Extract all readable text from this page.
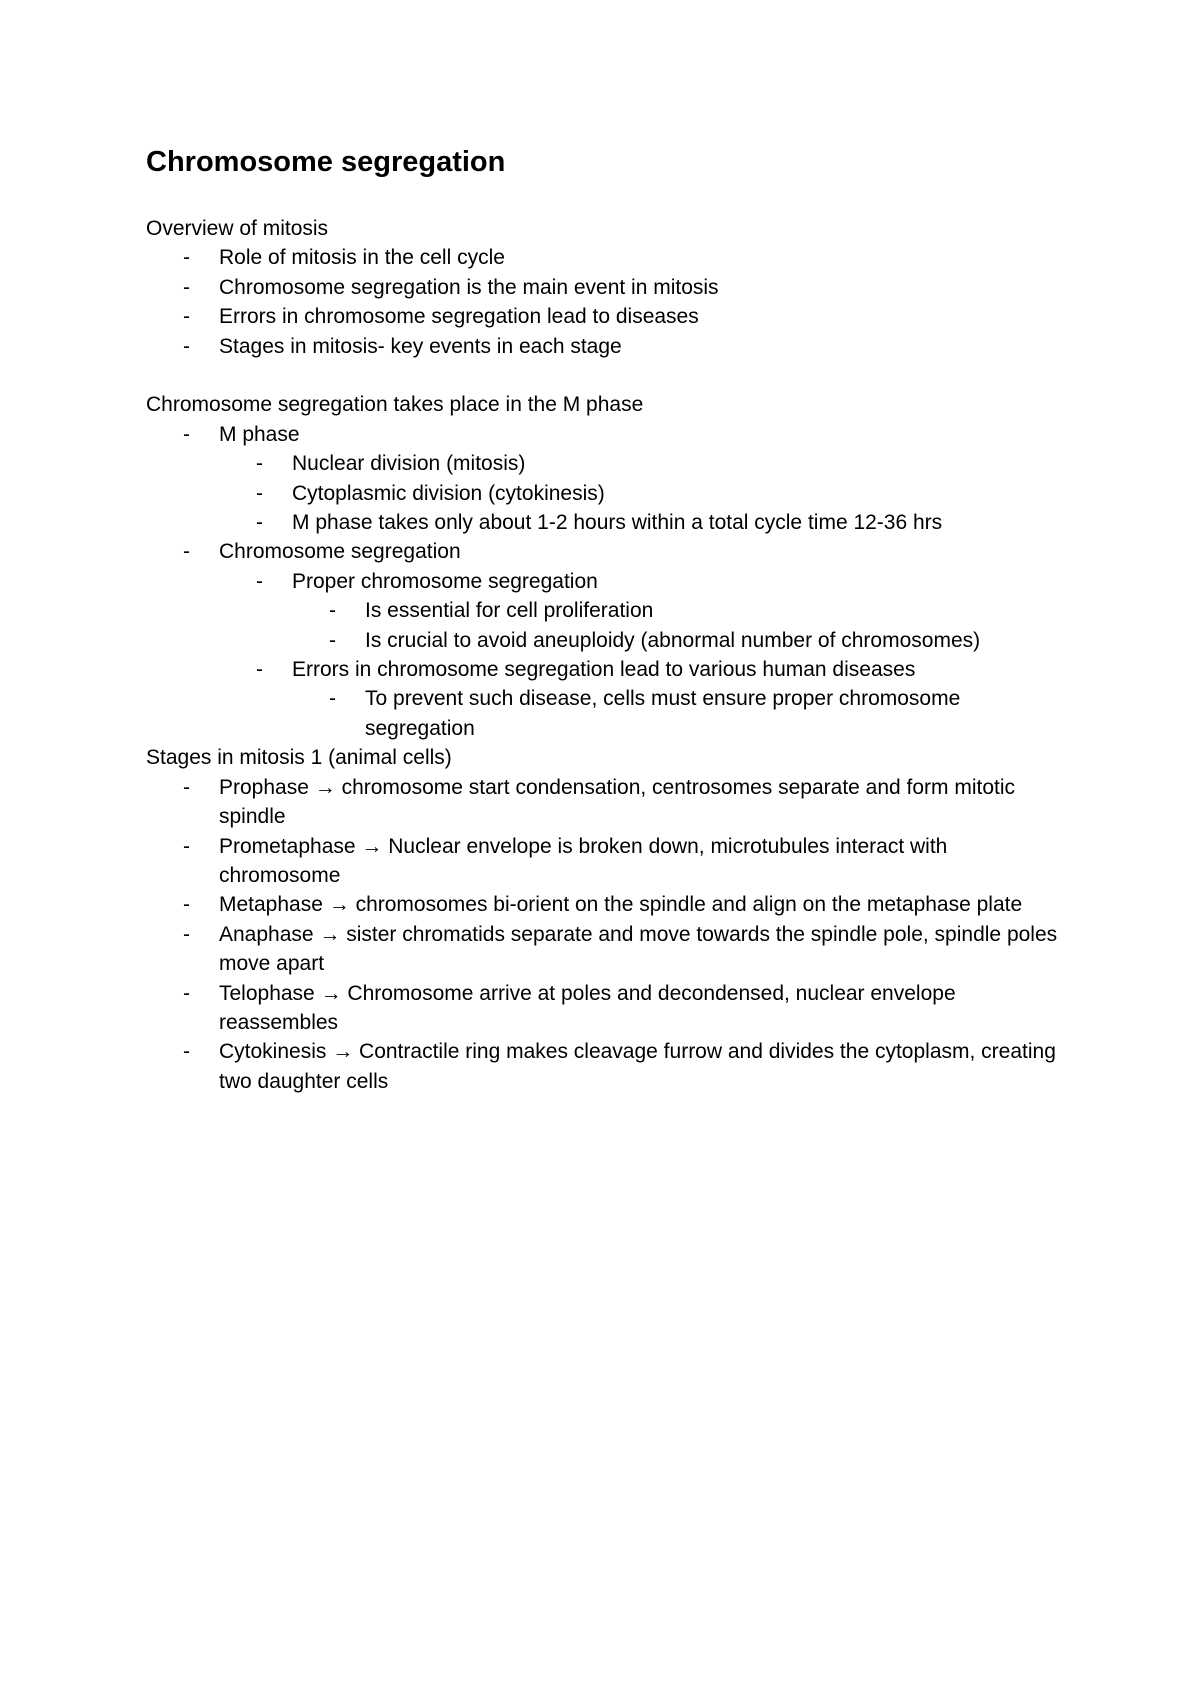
Chromosome segregation

Overview of mitosis

- Role of mitosis in the cell cycle
- Chromosome segregation is the main event in mitosis
- Errors in chromosome segregation lead to diseases
- Stages in mitosis- key events in each stage

Chromosome segregation takes place in the M phase

- M phase
- Nuclear division (mitosis)
- Cytoplasmic division (cytokinesis)
- M phase takes only about 1-2 hours within a total cycle time 12-36 hrs
- Chromosome segregation
- Proper chromosome segregation
- Is essential for cell proliferation
- Is crucial to avoid aneuploidy (abnormal number of chromosomes)
- Errors in chromosome segregation lead to various human diseases
- To prevent such disease, cells must ensure proper chromosome segregation

Stages in mitosis 1 (animal cells)

- Prophase → chromosome start condensation, centrosomes separate and form mitotic spindle
- Prometaphase → Nuclear envelope is broken down, microtubules interact with chromosome
- Metaphase → chromosomes bi-orient on the spindle and align on the metaphase plate
- Anaphase → sister chromatids separate and move towards the spindle pole, spindle poles move apart
- Telophase → Chromosome arrive at poles and decondensed, nuclear envelope reassembles
- Cytokinesis → Contractile ring makes cleavage furrow and divides the cytoplasm, creating two daughter cells
